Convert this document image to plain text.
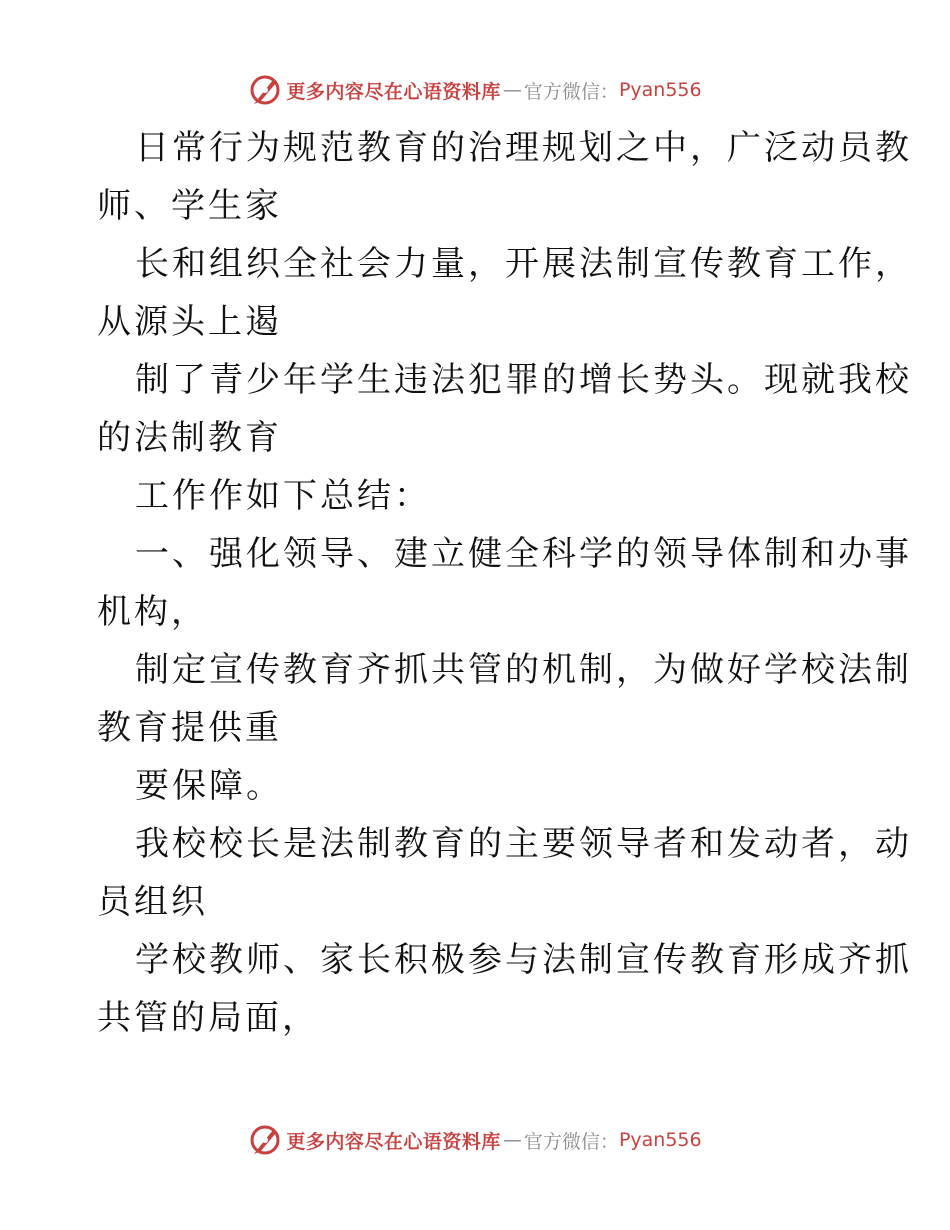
更多内容尽在心语资料库 — 官方微信： Pyan556
日常行为规范教育的治理规划之中，广泛动员教
师、学生家
长和组织全社会力量，开展法制宣传教育工作，
从源头上遏
制了青少年学生违法犯罪的增长势头。现就我校
的法制教育
工作作如下总结：
一、强化领导、建立健全科学的领导体制和办事
机构，
制定宣传教育齐抓共管的机制，为做好学校法制
教育提供重
要保障。
我校校长是法制教育的主要领导者和发动者，动
员组织
学校教师、家长积极参与法制宣传教育形成齐抓
共管的局面，
更多内容尽在心语资料库 — 官方微信： Pyan556
